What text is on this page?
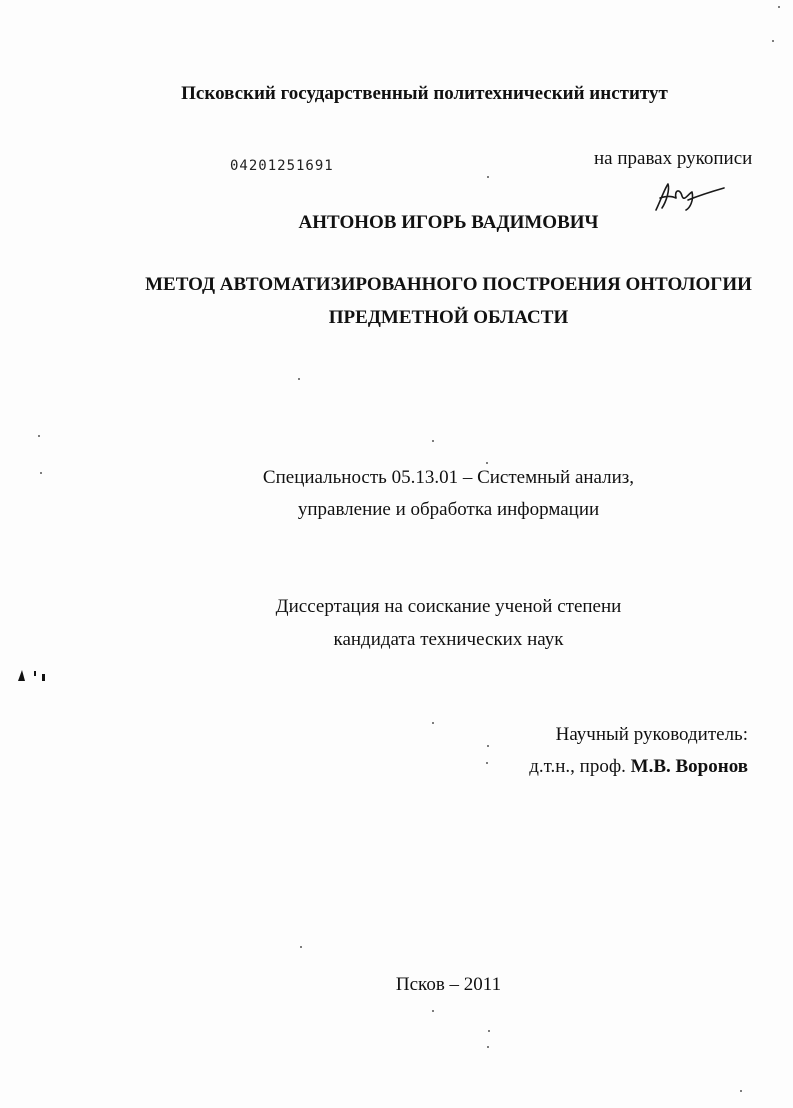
Псковский государственный политехнический институт
04201251691	на правах рукописи
АНТОНОВ ИГОРЬ ВАДИМОВИЧ
МЕТОД АВТОМАТИЗИРОВАННОГО ПОСТРОЕНИЯ ОНТОЛОГИИ
ПРЕДМЕТНОЙ ОБЛАСТИ
Специальность 05.13.01 – Системный анализ,
управление и обработка информации
Диссертация на соискание ученой степени
кандидата технических наук
Научный руководитель:
д.т.н., проф. М.В. Воронов
Псков – 2011
